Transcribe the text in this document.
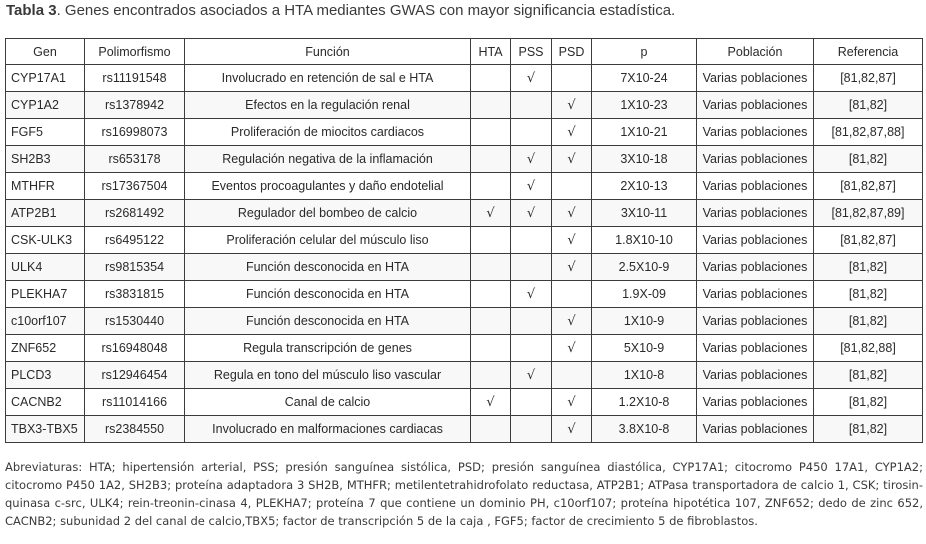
Tabla 3. Genes encontrados asociados a HTA mediantes GWAS con mayor significancia estadística.
Gen	Polimorfismo	Función	HTA	PSS	PSD	p	Población	Referencia
CYP17A1	rs11191548	Involucrado en retención de sal e HTA		√		7X10-24	Varias poblaciones	[81,82,87]
CYP1A2	rs1378942	Efectos en la regulación renal			√	1X10-23	Varias poblaciones	[81,82]
FGF5	rs16998073	Proliferación de miocitos cardiacos			√	1X10-21	Varias poblaciones	[81,82,87,88]
SH2B3	rs653178	Regulación negativa de la inflamación		√	√	3X10-18	Varias poblaciones	[81,82]
MTHFR	rs17367504	Eventos procoagulantes y daño endotelial		√		2X10-13	Varias poblaciones	[81,82,87]
ATP2B1	rs2681492	Regulador del bombeo de calcio	√	√	√	3X10-11	Varias poblaciones	[81,82,87,89]
CSK-ULK3	rs6495122	Proliferación celular del músculo liso			√	1.8X10-10	Varias poblaciones	[81,82,87]
ULK4	rs9815354	Función desconocida en HTA			√	2.5X10-9	Varias poblaciones	[81,82]
PLEKHA7	rs3831815	Función desconocida en HTA		√		1.9X-09	Varias poblaciones	[81,82]
c10orf107	rs1530440	Función desconocida en HTA			√	1X10-9	Varias poblaciones	[81,82]
ZNF652	rs16948048	Regula transcripción de genes			√	5X10-9	Varias poblaciones	[81,82,88]
PLCD3	rs12946454	Regula en tono del músculo liso vascular		√		1X10-8	Varias poblaciones	[81,82]
CACNB2	rs11014166	Canal de calcio	√		√	1.2X10-8	Varias poblaciones	[81,82]
TBX3-TBX5	rs2384550	Involucrado en malformaciones cardiacas			√	3.8X10-8	Varias poblaciones	[81,82]
Abreviaturas: HTA; hipertensión arterial, PSS; presión sanguínea sistólica, PSD; presión sanguínea diastólica, CYP17A1; citocromo P450 17A1, CYP1A2; citocromo P450 1A2, SH2B3; proteína adaptadora 3 SH2B, MTHFR; metilentetrahidrofolato reductasa, ATP2B1; ATPasa transportadora de calcio 1, CSK; tirosin-quinasa c-src, ULK4; rein-treonin-cinasa 4, PLEKHA7; proteína 7 que contiene un dominio PH, c10orf107; proteína hipotética 107, ZNF652; dedo de zinc 652, CACNB2; subunidad 2 del canal de calcio,TBX5; factor de transcripción 5 de la caja , FGF5; factor de crecimiento 5 de fibroblastos.
